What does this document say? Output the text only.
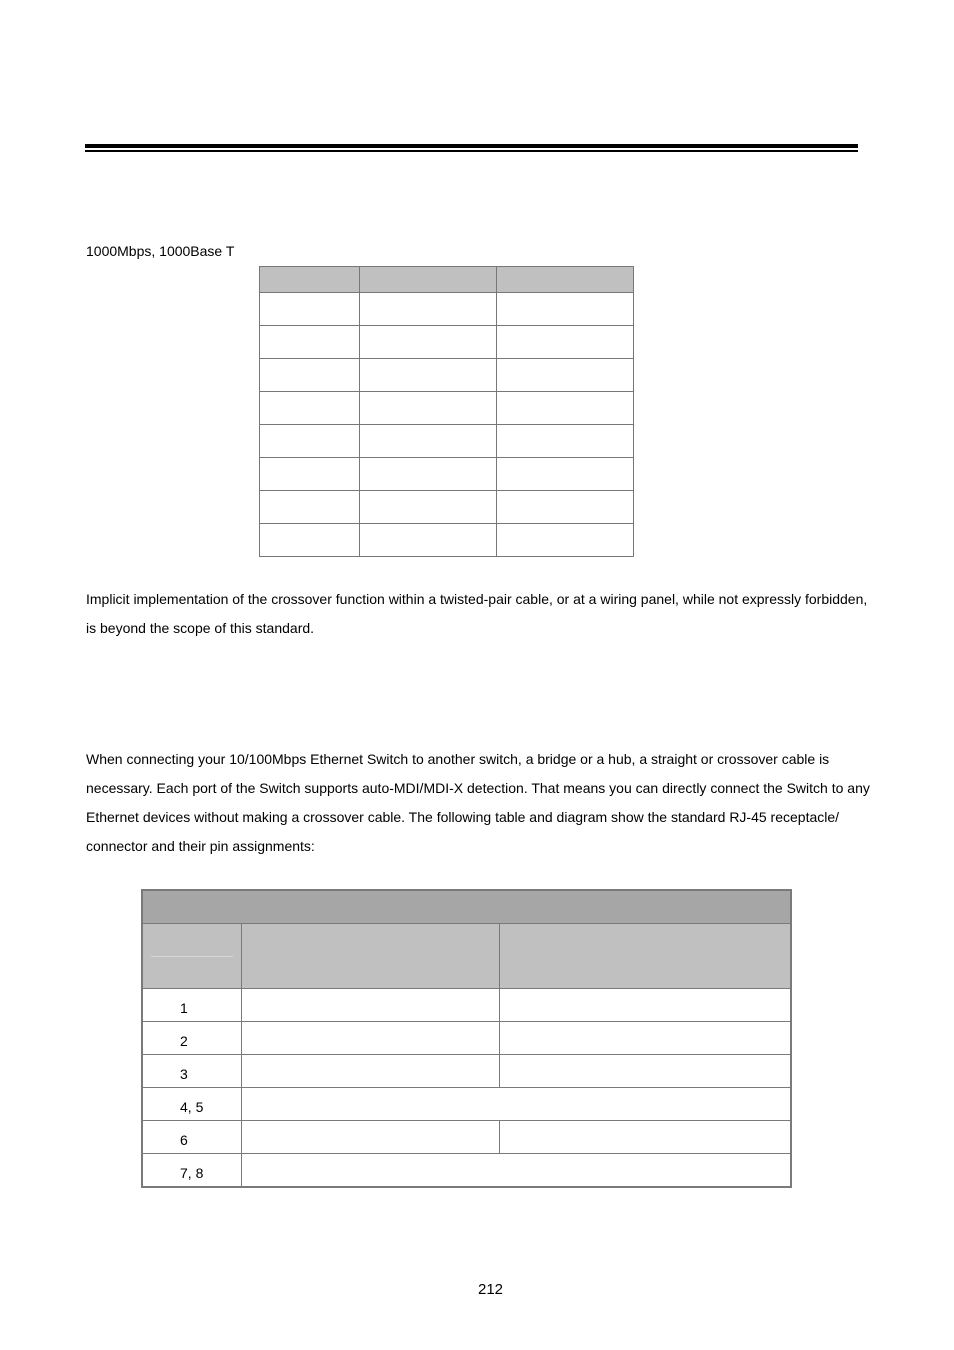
1000Mbps, 1000Base T

Implicit implementation of the crossover function within a twisted-pair cable, or at a wiring panel, while not expressly forbidden, is beyond the scope of this standard.

When connecting your 10/100Mbps Ethernet Switch to another switch, a bridge or a hub, a straight or crossover cable is necessary. Each port of the Switch supports auto-MDI/MDI-X detection. That means you can directly connect the Switch to any Ethernet devices without making a crossover cable. The following table and diagram show the standard RJ-45 receptacle/ connector and their pin assignments:

1		
2		
3		
4, 5		
6		
7, 8		
212
